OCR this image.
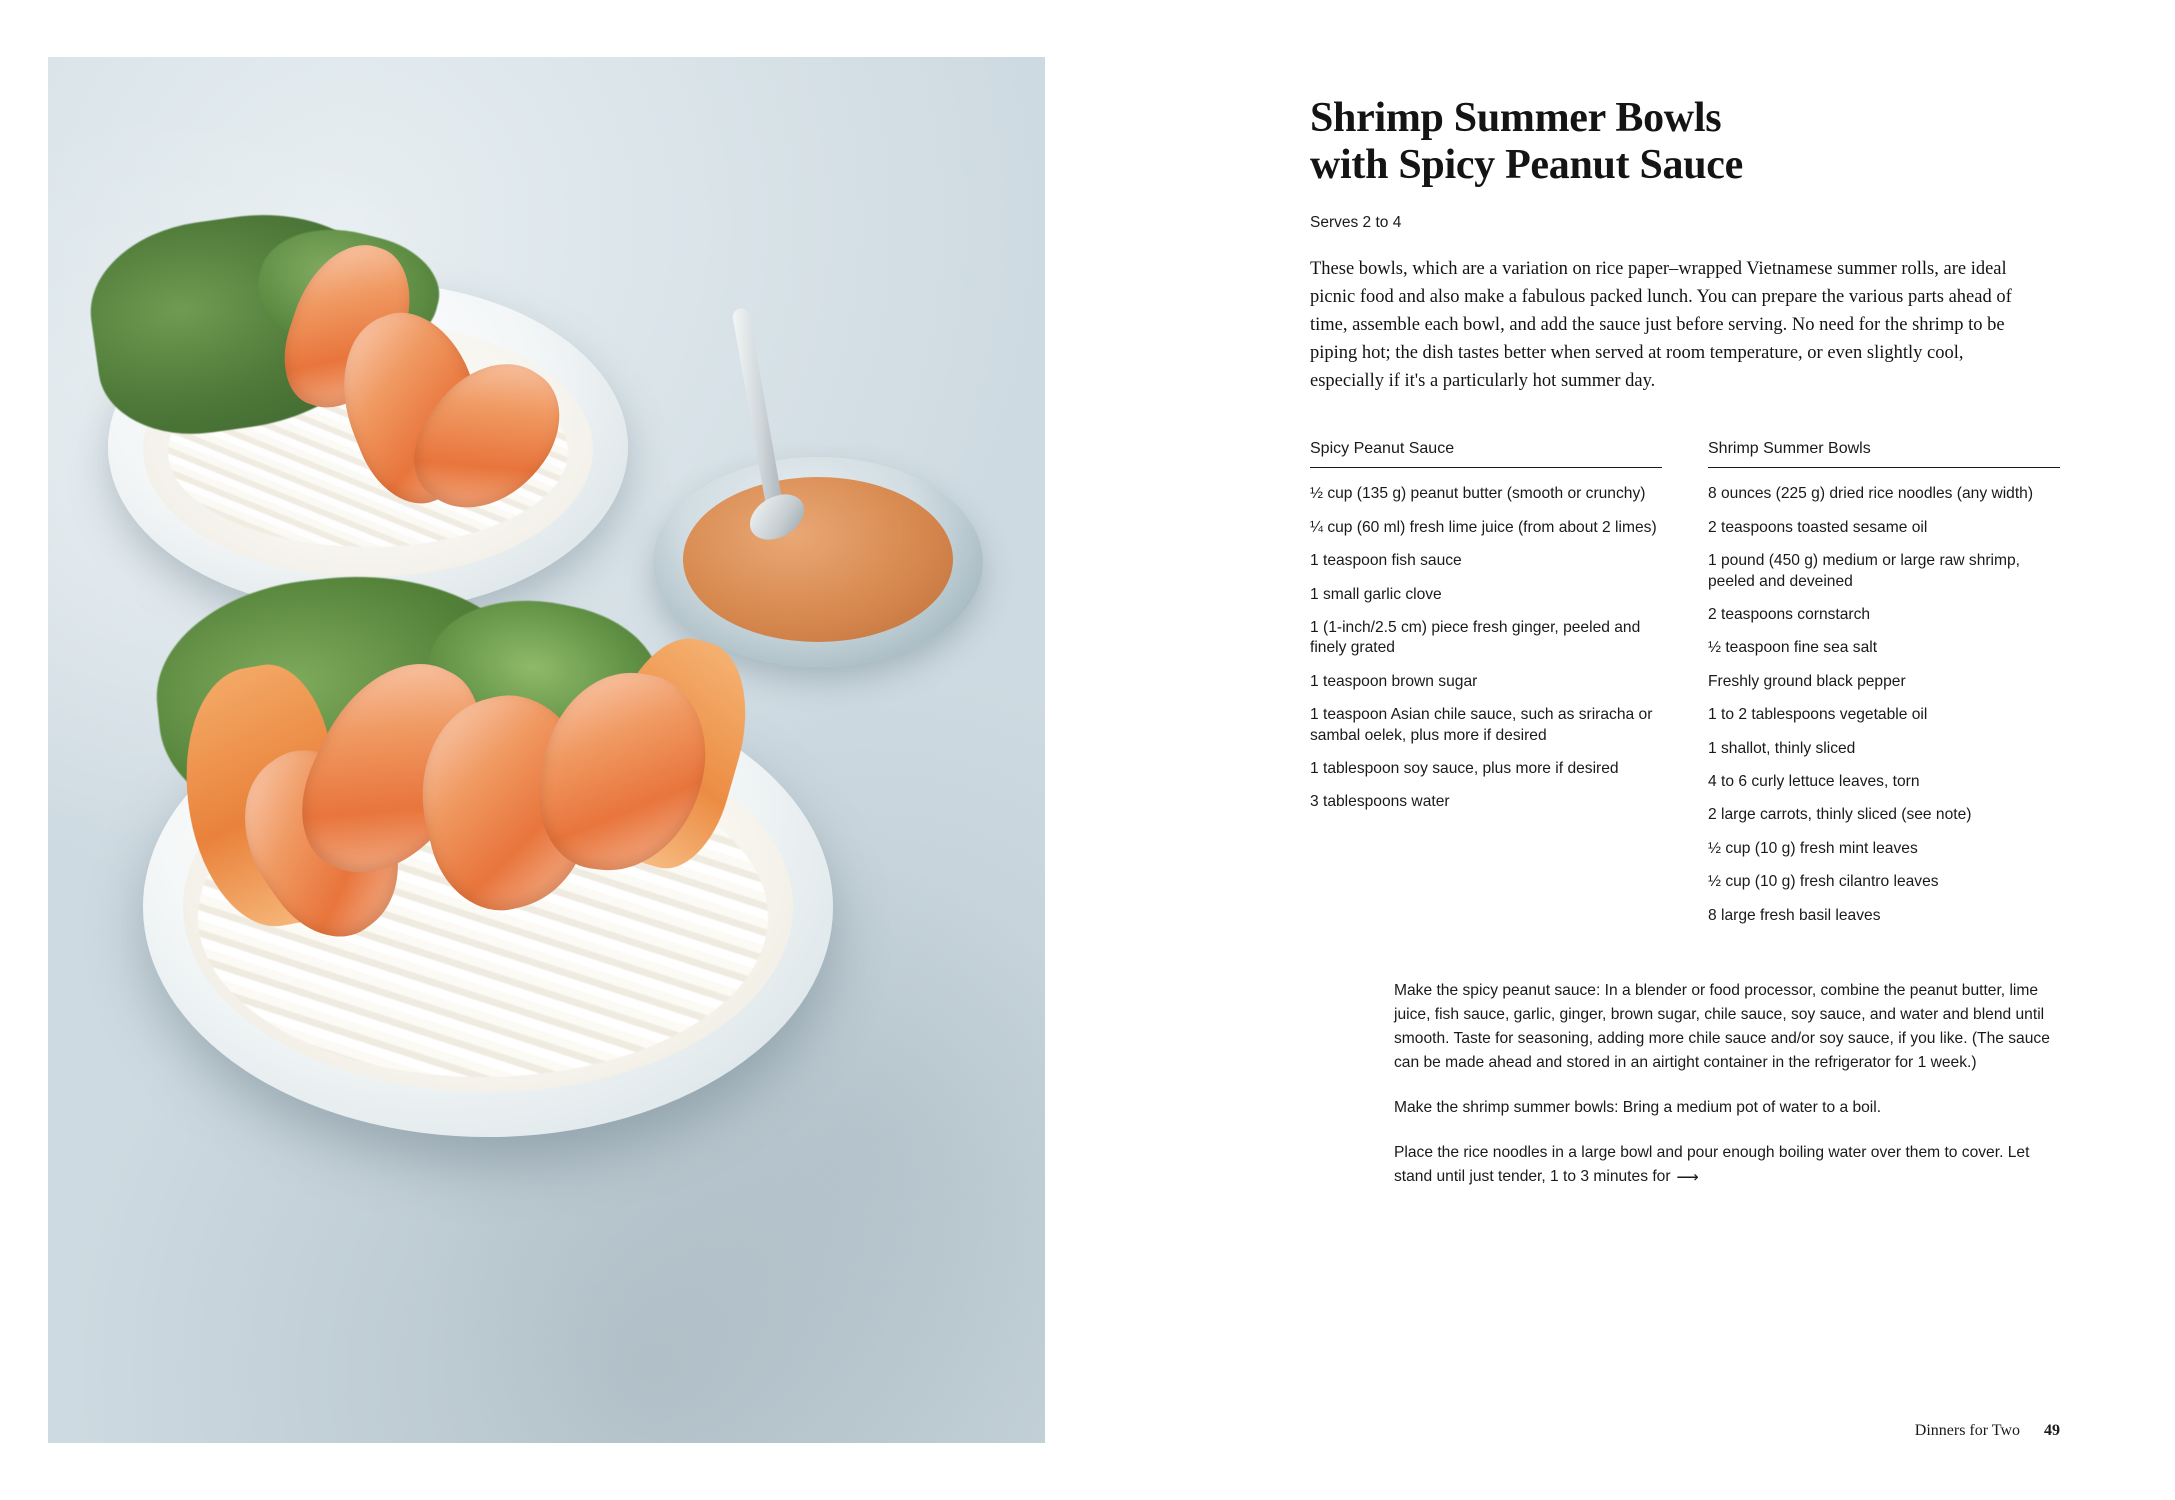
Shrimp Summer Bowls
with Spicy Peanut Sauce
Serves 2 to 4

These bowls, which are a variation on rice paper–wrapped Vietnamese summer rolls, are ideal picnic food and also make a fabulous packed lunch. You can prepare the various parts ahead of time, assemble each bowl, and add the sauce just before serving. No need for the shrimp to be piping hot; the dish tastes better when served at room temperature, or even slightly cool, especially if it's a particularly hot summer day.

Spicy Peanut Sauce
½ cup (135 g) peanut butter (smooth or crunchy)
¼ cup (60 ml) fresh lime juice (from about 2 limes)
1 teaspoon fish sauce
1 small garlic clove
1 (1-inch/2.5 cm) piece fresh ginger, peeled and finely grated
1 teaspoon brown sugar
1 teaspoon Asian chile sauce, such as sriracha or sambal oelek, plus more if desired
1 tablespoon soy sauce, plus more if desired
3 tablespoons water
Shrimp Summer Bowls
8 ounces (225 g) dried rice noodles (any width)
2 teaspoons toasted sesame oil
1 pound (450 g) medium or large raw shrimp, peeled and deveined
2 teaspoons cornstarch
½ teaspoon fine sea salt
Freshly ground black pepper
1 to 2 tablespoons vegetable oil
1 shallot, thinly sliced
4 to 6 curly lettuce leaves, torn
2 large carrots, thinly sliced (see note)
½ cup (10 g) fresh mint leaves
½ cup (10 g) fresh cilantro leaves
8 large fresh basil leaves

Make the spicy peanut sauce: In a blender or food processor, combine the peanut butter, lime juice, fish sauce, garlic, ginger, brown sugar, chile sauce, soy sauce, and water and blend until smooth. Taste for seasoning, adding more chile sauce and/or soy sauce, if you like. (The sauce can be made ahead and stored in an airtight container in the refrigerator for 1 week.)

Make the shrimp summer bowls: Bring a medium pot of water to a boil.

Place the rice noodles in a large bowl and pour enough boiling water over them to cover. Let stand until just tender, 1 to 3 minutes for ⟶

Dinners for Two 49
